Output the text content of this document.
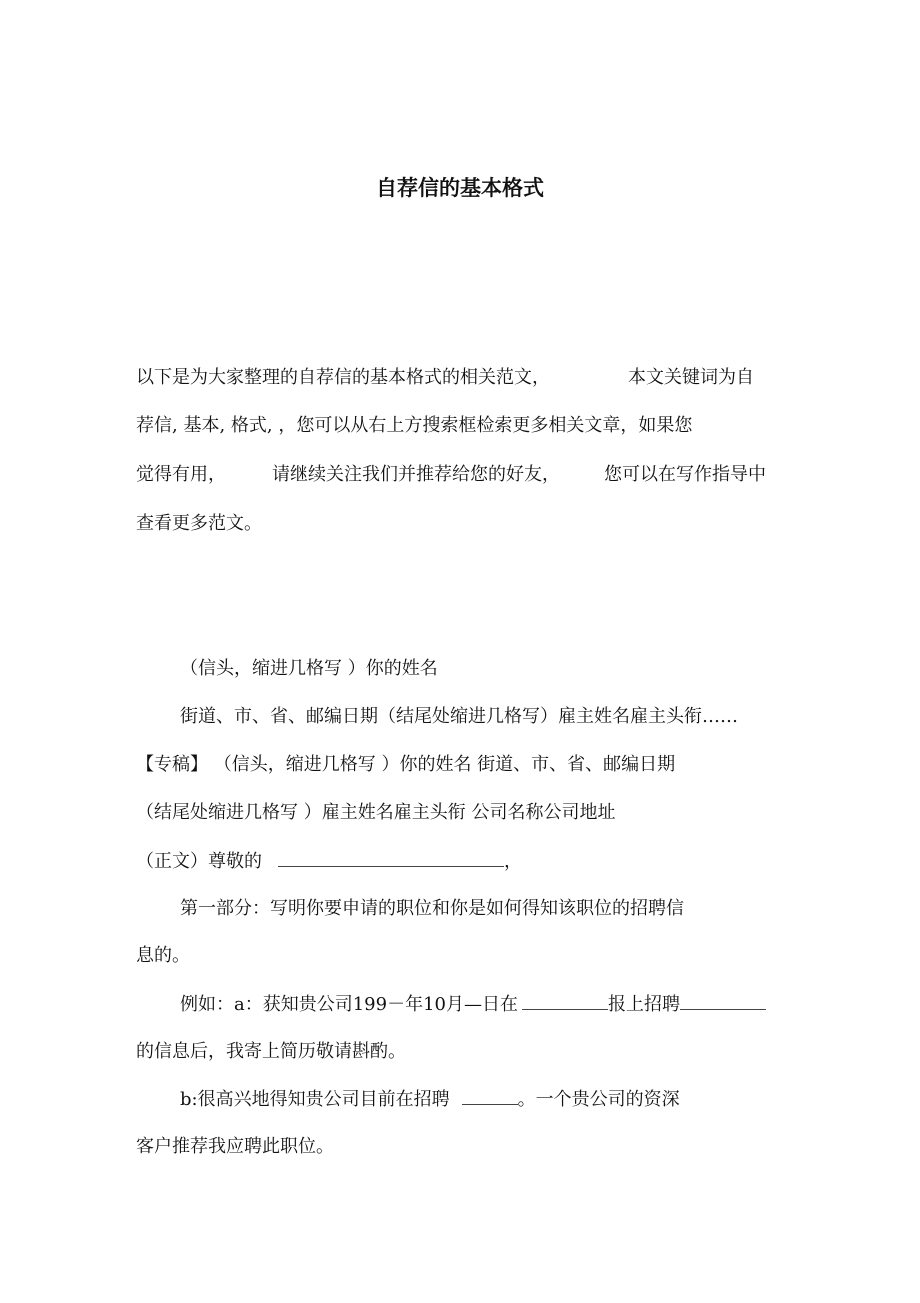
自荐信的基本格式
以下是为大家整理的自荐信的基本格式的相关范文，	本文关键词为自
荐信, 基本, 格式, ，您可以从右上方搜索框检索更多相关文章，如果您
觉得有用，	请继续关注我们并推荐给您的好友， 您可以在写作指导中
查看更多范文。
（信头，缩进几格写 ）你的姓名
街道、市、省、邮编日期（结尾处缩进几格写）雇主姓名雇主头衔……
【专稿】 （信头，缩进几格写 ）你的姓名 街道、市、省、邮编日期
（结尾处缩进几格写 ）雇主姓名雇主头衔 公司名称公司地址
（正文）尊敬的	，
第一部分：写明你要申请的职位和你是如何得知该职位的招聘信
息的。
例如：a：获知贵公司199－年10月—日在	报上招聘
的信息后，我寄上简历敬请斟酌。
b:很高兴地得知贵公司目前在招聘	。一个贵公司的资深
客户推荐我应聘此职位。
